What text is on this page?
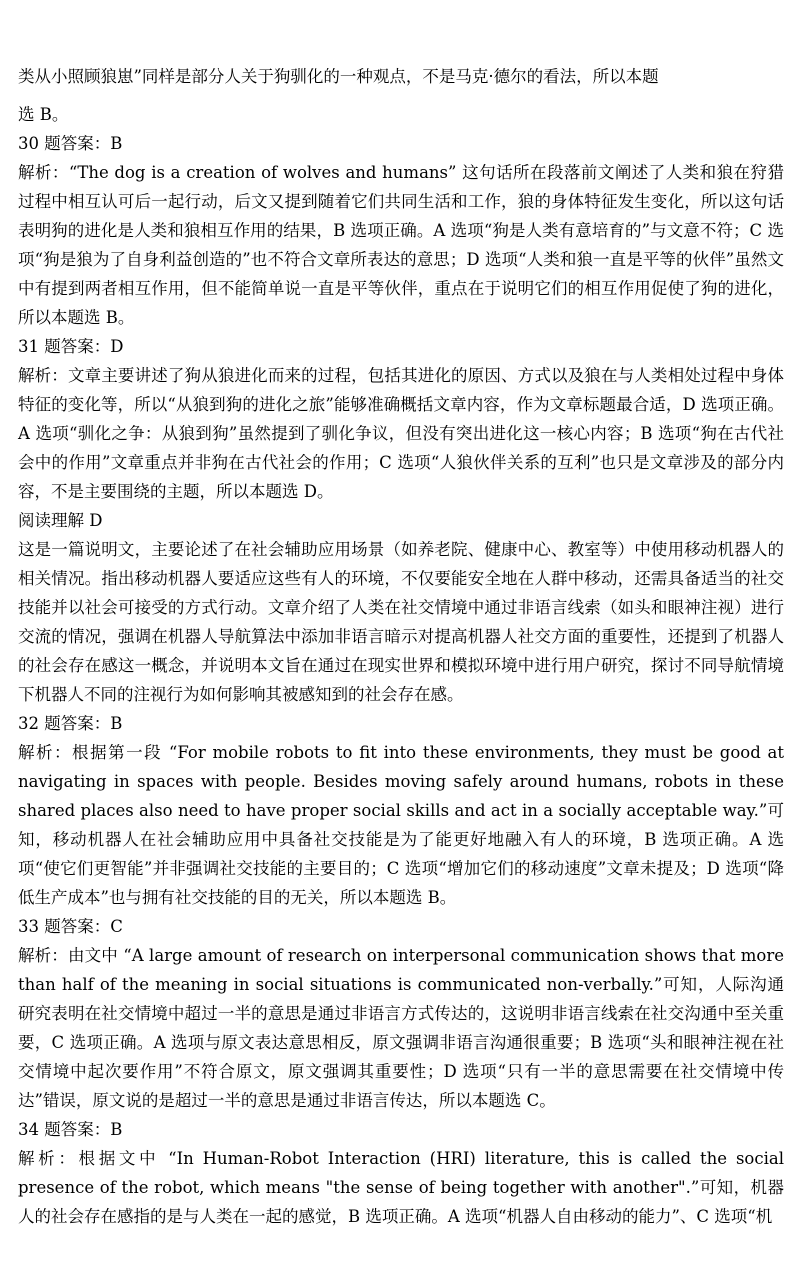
类从小照顾狼崽”同样是部分人关于狗驯化的一种观点，不是马克·德尔的看法，所以本题

选 B。

30 题答案：B

解析：“The dog is a creation of wolves and humans” 这句话所在段落前文阐述了人类和狼在狩猎过程中相互认可后一起行动，后文又提到随着它们共同生活和工作，狼的身体特征发生变化，所以这句话表明狗的进化是人类和狼相互作用的结果，B 选项正确。A 选项“狗是人类有意培育的”与文意不符；C 选项“狗是狼为了自身利益创造的”也不符合文章所表达的意思；D 选项“人类和狼一直是平等的伙伴”虽然文中有提到两者相互作用，但不能简单说一直是平等伙伴，重点在于说明它们的相互作用促使了狗的进化，所以本题选 B。

31 题答案：D

解析：文章主要讲述了狗从狼进化而来的过程，包括其进化的原因、方式以及狼在与人类相处过程中身体特征的变化等，所以“从狼到狗的进化之旅”能够准确概括文章内容，作为文章标题最合适，D 选项正确。A 选项“驯化之争：从狼到狗”虽然提到了驯化争议，但没有突出进化这一核心内容；B 选项“狗在古代社会中的作用”文章重点并非狗在古代社会的作用；C 选项“人狼伙伴关系的互利”也只是文章涉及的部分内容，不是主要围绕的主题，所以本题选 D。

阅读理解 D

这是一篇说明文，主要论述了在社会辅助应用场景（如养老院、健康中心、教室等）中使用移动机器人的相关情况。指出移动机器人要适应这些有人的环境，不仅要能安全地在人群中移动，还需具备适当的社交技能并以社会可接受的方式行动。文章介绍了人类在社交情境中通过非语言线索（如头和眼神注视）进行交流的情况，强调在机器人导航算法中添加非语言暗示对提高机器人社交方面的重要性，还提到了机器人的社会存在感这一概念，并说明本文旨在通过在现实世界和模拟环境中进行用户研究，探讨不同导航情境下机器人不同的注视行为如何影响其被感知到的社会存在感。

32 题答案：B

解析：根据第一段 “For mobile robots to fit into these environments, they must be good at navigating in spaces with people. Besides moving safely around humans, robots in these shared places also need to have proper social skills and act in a socially acceptable way.”可知，移动机器人在社会辅助应用中具备社交技能是为了能更好地融入有人的环境，B 选项正确。A 选项“使它们更智能”并非强调社交技能的主要目的；C 选项“增加它们的移动速度”文章未提及；D 选项“降低生产成本”也与拥有社交技能的目的无关，所以本题选 B。

33 题答案：C

解析：由文中 “A large amount of research on interpersonal communication shows that more than half of the meaning in social situations is communicated non-verbally.”可知，人际沟通研究表明在社交情境中超过一半的意思是通过非语言方式传达的，这说明非语言线索在社交沟通中至关重要，C 选项正确。A 选项与原文表达意思相反，原文强调非语言沟通很重要；B 选项“头和眼神注视在社交情境中起次要作用”不符合原文，原文强调其重要性；D 选项“只有一半的意思需要在社交情境中传达”错误，原文说的是超过一半的意思是通过非语言传达，所以本题选 C。

34 题答案：B

解析：根据文中 “In Human-Robot Interaction (HRI) literature, this is called the social presence of the robot, which means "the sense of being together with another".”可知，机器人的社会存在感指的是与人类在一起的感觉，B 选项正确。A 选项“机器人自由移动的能力”、C 选项“机
